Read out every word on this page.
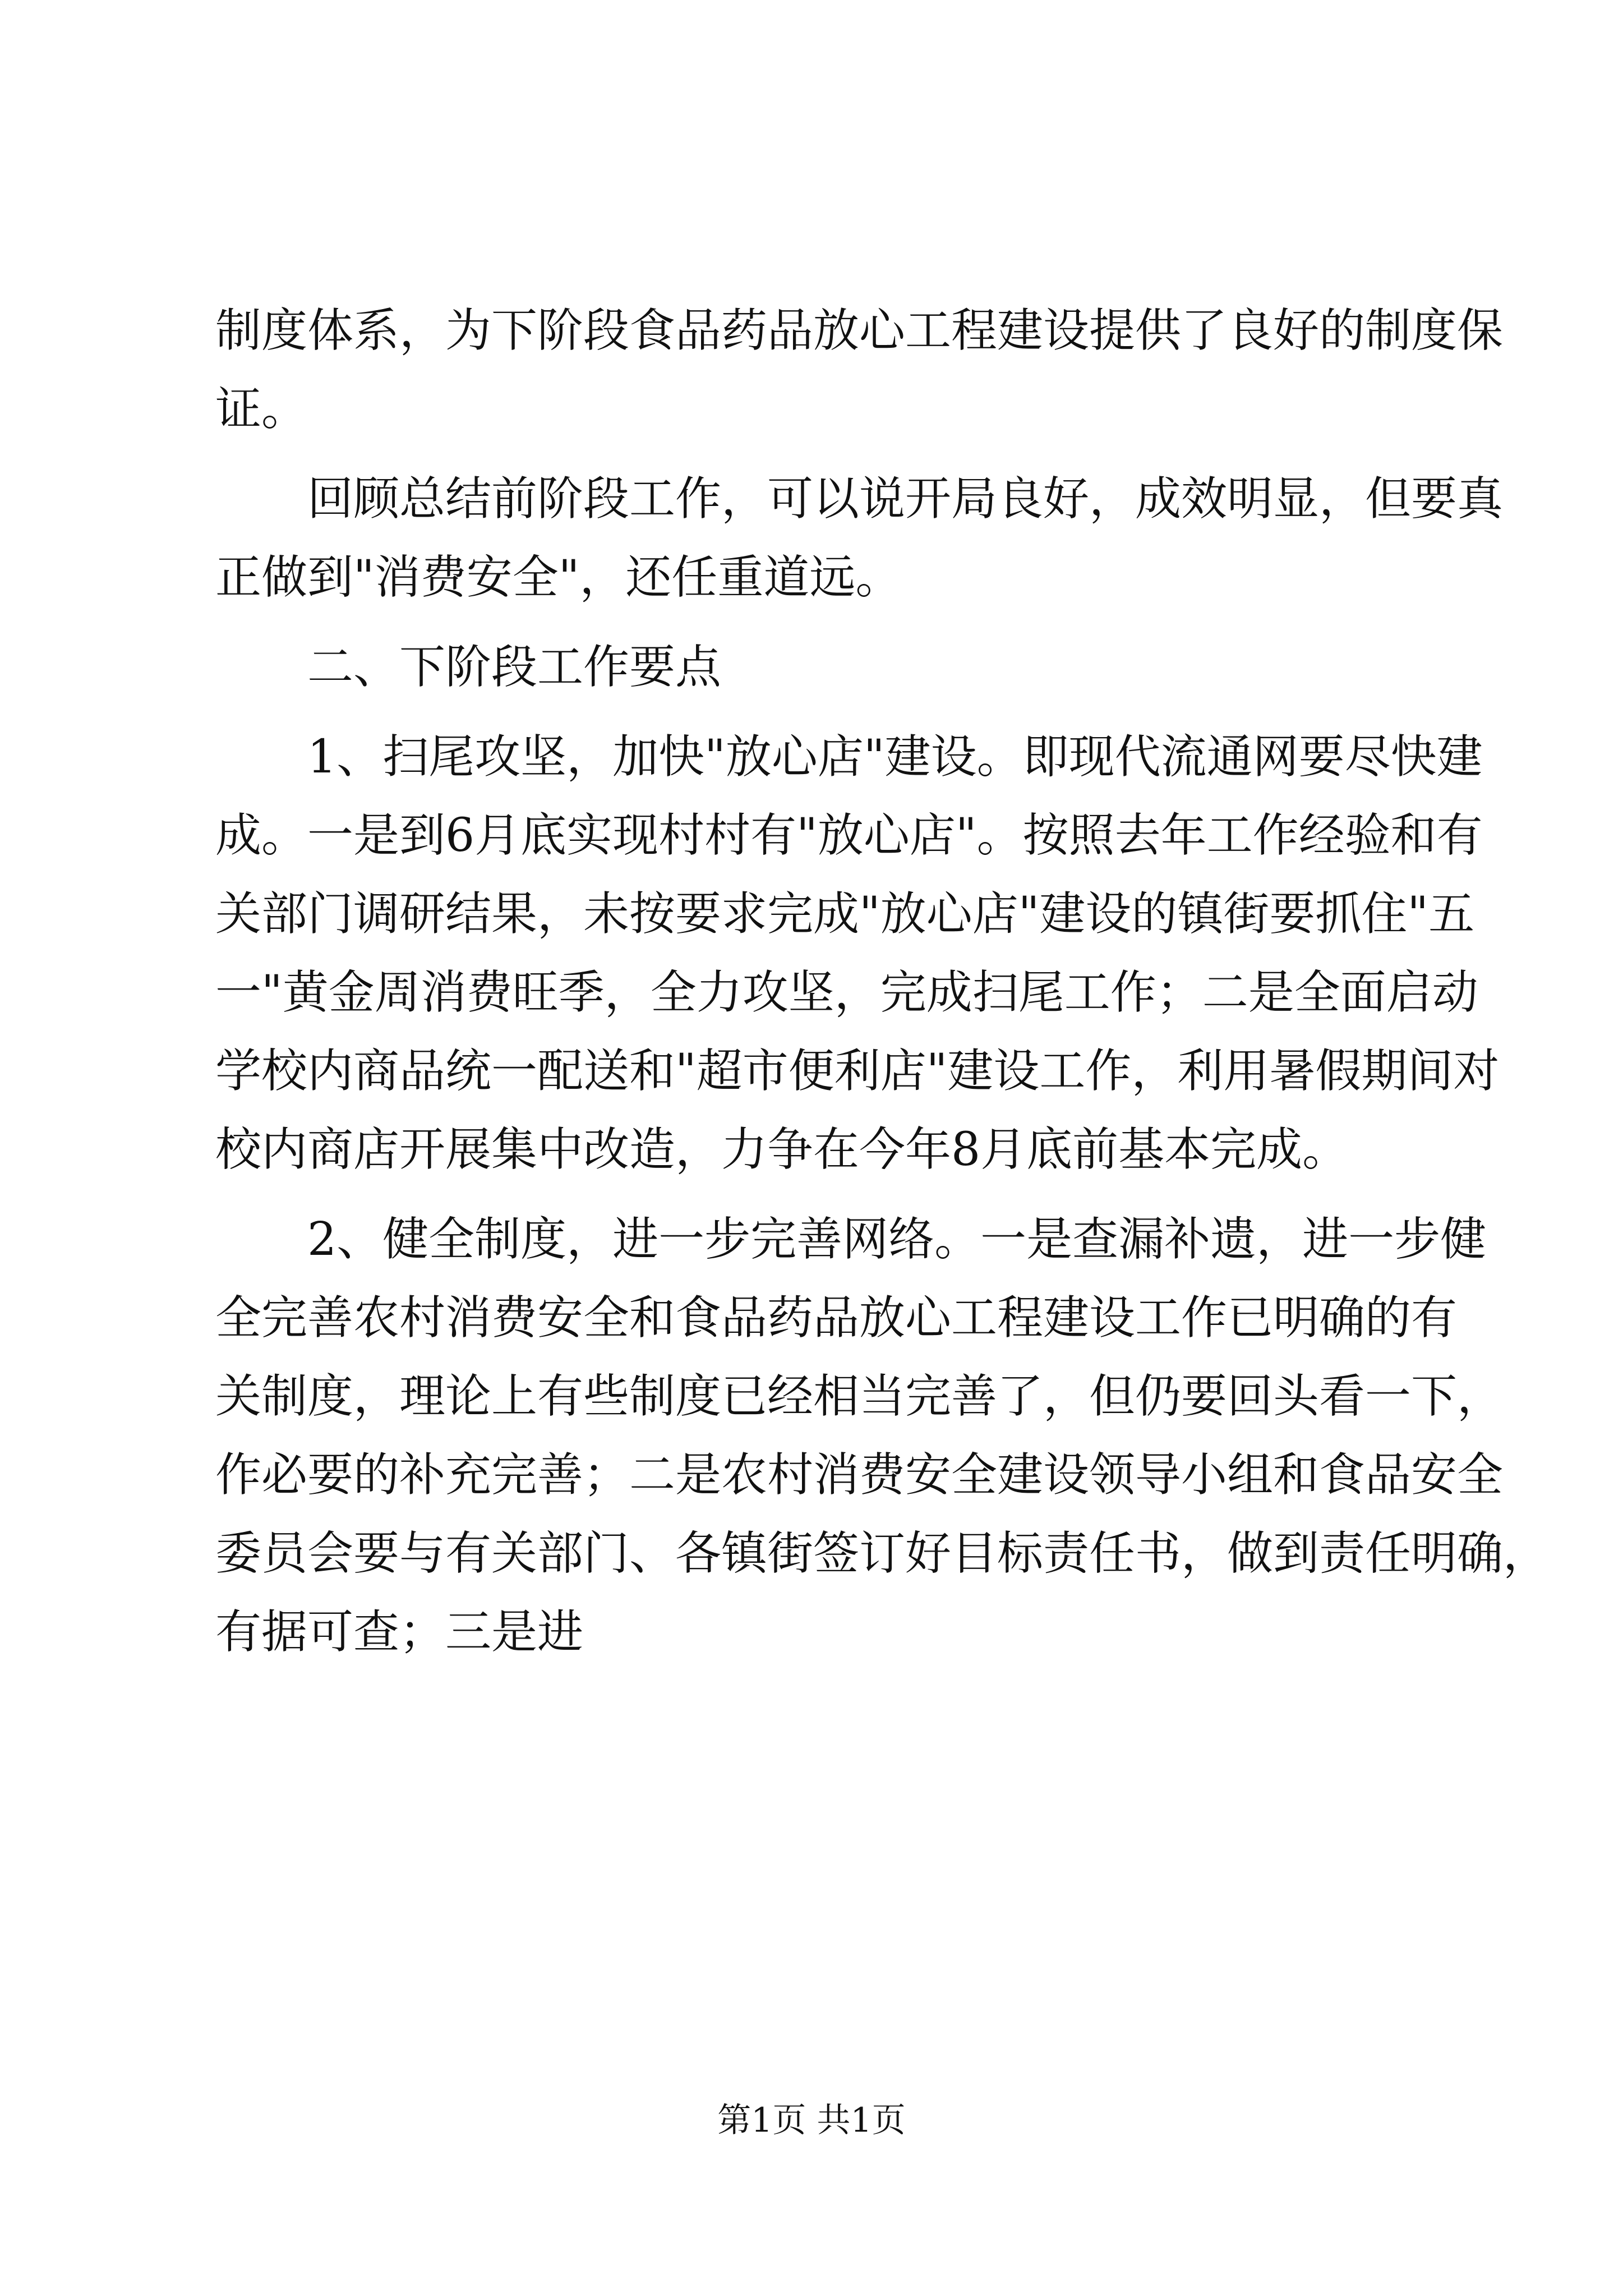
制度体系，为下阶段食品药品放心工程建设提供了良好的制度保
证。
回顾总结前阶段工作，可以说开局良好，成效明显，但要真
正做到"消费安全"，还任重道远。
二、下阶段工作要点
1、扫尾攻坚，加快"放心店"建设。即现代流通网要尽快建
成。一是到6月底实现村村有"放心店"。按照去年工作经验和有
关部门调研结果，未按要求完成"放心店"建设的镇街要抓住"五
一"黄金周消费旺季，全力攻坚，完成扫尾工作；二是全面启动
学校内商品统一配送和"超市便利店"建设工作，利用暑假期间对
校内商店开展集中改造，力争在今年8月底前基本完成。
2、健全制度，进一步完善网络。一是查漏补遗，进一步健
全完善农村消费安全和食品药品放心工程建设工作已明确的有
关制度，理论上有些制度已经相当完善了，但仍要回头看一下，
作必要的补充完善；二是农村消费安全建设领导小组和食品安全
委员会要与有关部门、各镇街签订好目标责任书，做到责任明确，
有据可查；三是进
第1页 共1页
